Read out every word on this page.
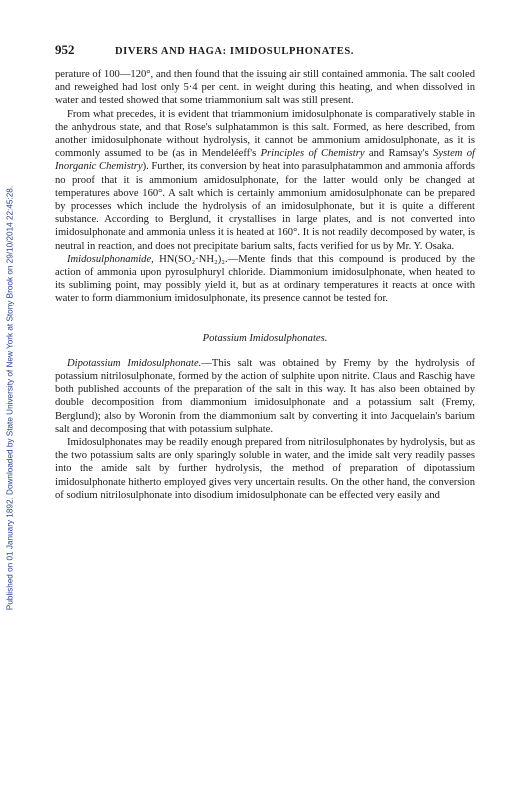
Published on 01 January 1892. Downloaded by State University of New York at Stony Brook on 29/10/2014 22:45:28.
952	DIVERS AND HAGA: IMIDOSULPHONATES.

perature of 100—120°, and then found that the issuing air still contained ammonia. The salt cooled and reweighed had lost only 5·4 per cent. in weight during this heating, and when dissolved in water and tested showed that some triammonium salt was still present.

From what precedes, it is evident that triammonium imidosulphonate is comparatively stable in the anhydrous state, and that Rose's sulphatammon is this salt. Formed, as here described, from another imidosulphonate without hydrolysis, it cannot be ammonium amidosulphonate, as it is commonly assumed to be (as in Mendeléeff's Principles of Chemistry and Ramsay's System of Inorganic Chemistry). Further, its conversion by heat into parasulphatammon and ammonia affords no proof that it is ammonium amidosulphonate, for the latter would only be changed at temperatures above 160°. A salt which is certainly ammonium amidosulphonate can be prepared by processes which include the hydrolysis of an imidosulphonate, but it is quite a different substance. According to Berglund, it crystallises in large plates, and is not converted into imidosulphonate and ammonia unless it is heated at 160°. It is not readily decomposed by water, is neutral in reaction, and does not precipitate barium salts, facts verified for us by Mr. Y. Osaka.

Imidosulphonamide, HN(SO₂·NH₂)₂.—Mente finds that this compound is produced by the action of ammonia upon pyrosulphuryl chloride. Diammonium imidosulphonate, when heated to its subliming point, may possibly yield it, but as at ordinary temperatures it reacts at once with water to form diammonium imidosulphonate, its presence cannot be tested for.

Potassium Imidosulphonates.

Dipotassium Imidosulphonate.—This salt was obtained by Fremy by the hydrolysis of potassium nitrilosulphonate, formed by the action of sulphite upon nitrite. Claus and Raschig have both published accounts of the preparation of the salt in this way. It has also been obtained by double decomposition from diammonium imidosulphonate and a potassium salt (Fremy, Berglund); also by Woronin from the diammonium salt by converting it into Jacquelain's barium salt and decomposing that with potassium sulphate.

Imidosulphonates may be readily enough prepared from nitrilosulphonates by hydrolysis, but as the two potassium salts are only sparingly soluble in water, and the imide salt very readily passes into the amide salt by further hydrolysis, the method of preparation of dipotassium imidosulphonate hitherto employed gives very uncertain results. On the other hand, the conversion of sodium nitrilosulphonate into disodium imidosulphonate can be effected very easily and
